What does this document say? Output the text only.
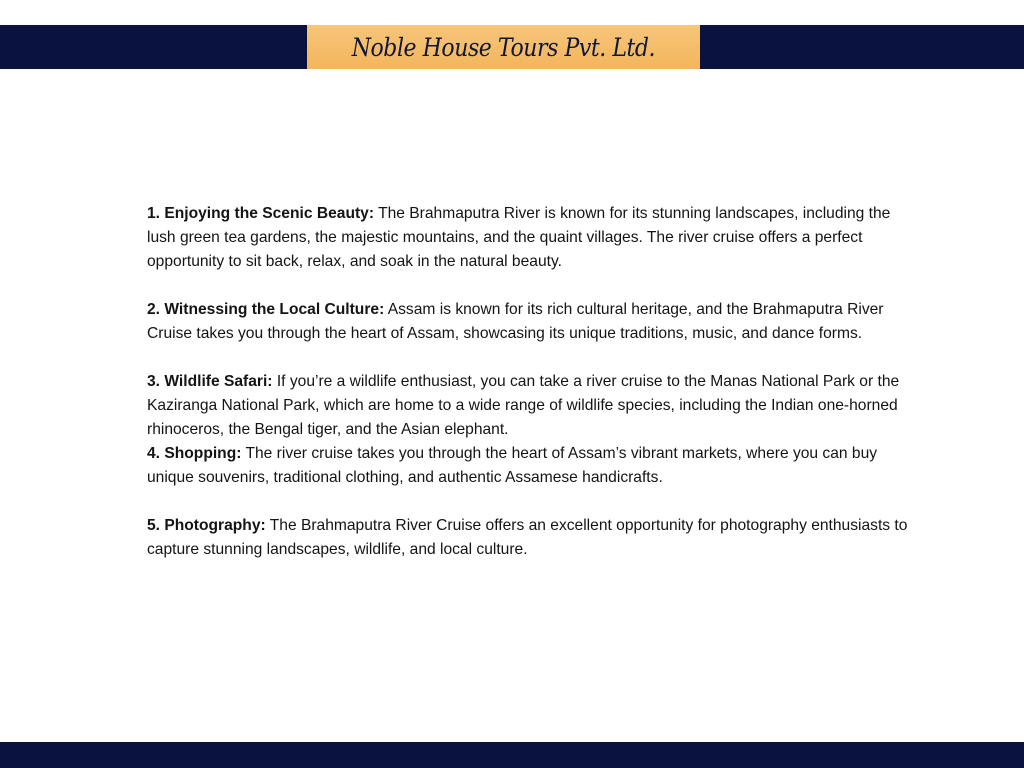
Noble House Tours Pvt. Ltd.

1. Enjoying the Scenic Beauty: The Brahmaputra River is known for its stunning landscapes, including the lush green tea gardens, the majestic mountains, and the quaint villages. The river cruise offers a perfect opportunity to sit back, relax, and soak in the natural beauty.

2. Witnessing the Local Culture: Assam is known for its rich cultural heritage, and the Brahmaputra River Cruise takes you through the heart of Assam, showcasing its unique traditions, music, and dance forms.

3. Wildlife Safari: If you’re a wildlife enthusiast, you can take a river cruise to the Manas National Park or the Kaziranga National Park, which are home to a wide range of wildlife species, including the Indian one-horned rhinoceros, the Bengal tiger, and the Asian elephant.

4. Shopping: The river cruise takes you through the heart of Assam’s vibrant markets, where you can buy unique souvenirs, traditional clothing, and authentic Assamese handicrafts.

5. Photography: The Brahmaputra River Cruise offers an excellent opportunity for photography enthusiasts to capture stunning landscapes, wildlife, and local culture.
